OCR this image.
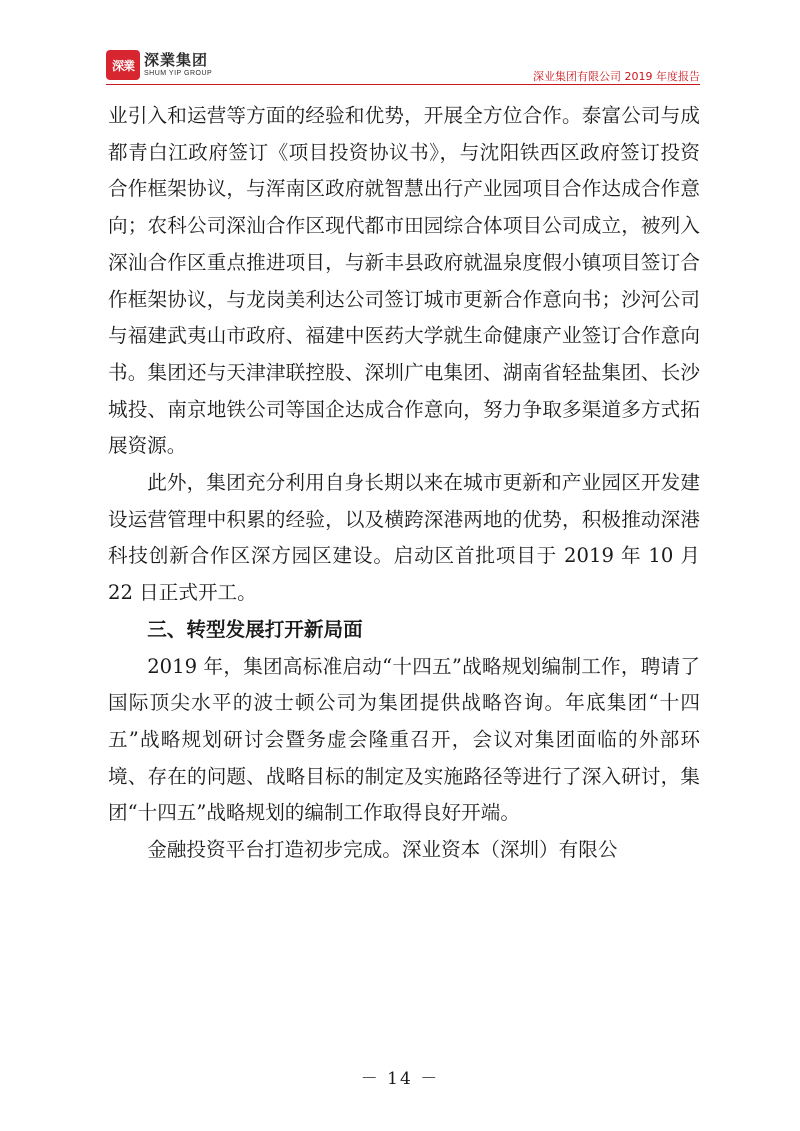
深業 深業集团
SHUM YIP GROUP	深业集团有限公司 2019 年度报告

业引入和运营等方面的经验和优势，开展全方位合作。泰富公司与成都青白江政府签订《项目投资协议书》，与沈阳铁西区政府签订投资合作框架协议，与浑南区政府就智慧出行产业园项目合作达成合作意向；农科公司深汕合作区现代都市田园综合体项目公司成立，被列入深汕合作区重点推进项目，与新丰县政府就温泉度假小镇项目签订合作框架协议，与龙岗美利达公司签订城市更新合作意向书；沙河公司与福建武夷山市政府、福建中医药大学就生命健康产业签订合作意向书。集团还与天津津联控股、深圳广电集团、湖南省轻盐集团、长沙城投、南京地铁公司等国企达成合作意向，努力争取多渠道多方式拓展资源。

此外，集团充分利用自身长期以来在城市更新和产业园区开发建设运营管理中积累的经验，以及横跨深港两地的优势，积极推动深港科技创新合作区深方园区建设。启动区首批项目于 2019 年 10 月 22 日正式开工。

三、转型发展打开新局面

2019 年，集团高标准启动“十四五”战略规划编制工作，聘请了国际顶尖水平的波士顿公司为集团提供战略咨询。年底集团“十四五”战略规划研讨会暨务虚会隆重召开，会议对集团面临的外部环境、存在的问题、战略目标的制定及实施路径等进行了深入研讨，集团“十四五”战略规划的编制工作取得良好开端。

金融投资平台打造初步完成。深业资本（深圳）有限公

－ 14 －
